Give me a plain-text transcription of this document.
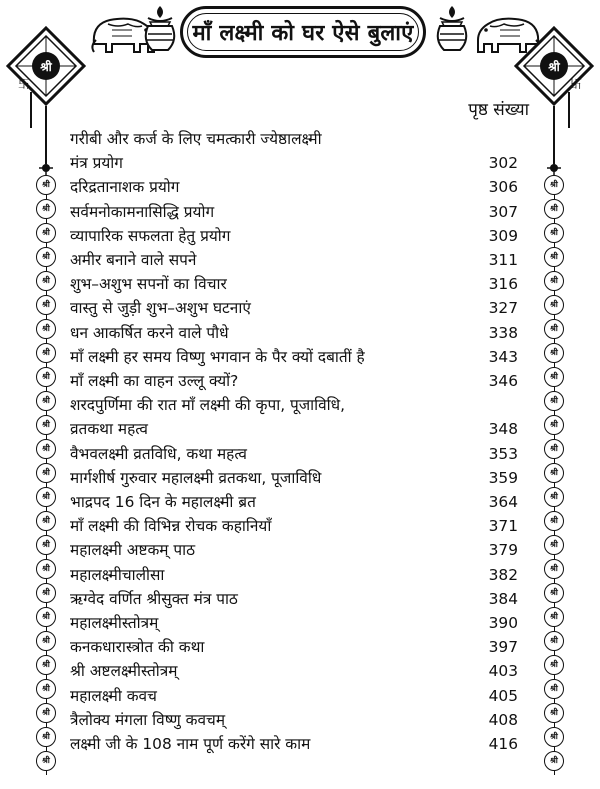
माँ लक्ष्मी को घर ऐसे बुलाएं
श्री
卐
श्री
卐
श्री
श्री
श्री
श्री
श्री
श्री
श्री
श्री
श्री
श्री
श्री
श्री
श्री
श्री
श्री
श्री
श्री
श्री
श्री
श्री
श्री
श्री
श्री
श्री
श्री
श्री
श्री
श्री
श्री
श्री
श्री
श्री
श्री
श्री
श्री
श्री
श्री
श्री
श्री
श्री
श्री
श्री
श्री
श्री
श्री
श्री
श्री
श्री
श्री
श्री
पृष्ठ संख्या
गरीबी और कर्ज के लिए चमत्कारी ज्येष्ठालक्ष्मी
मंत्र प्रयोग	302
दरिद्रतानाशक प्रयोग	306
सर्वमनोकामनासिद्धि प्रयोग	307
व्यापारिक सफलता हेतु प्रयोग	309
अमीर बनाने वाले सपने	311
शुभ–अशुभ सपनों का विचार	316
वास्तु से जुड़ी शुभ–अशुभ घटनाएं	327
धन आकर्षित करने वाले पौधे	338
माँ लक्ष्मी हर समय विष्णु भगवान के पैर क्यों दबातीं है	343
माँ लक्ष्मी का वाहन उल्लू क्यों?	346
शरदपुर्णिमा की रात माँ लक्ष्मी की कृपा, पूजाविधि,
व्रतकथा महत्व	348
वैभवलक्ष्मी व्रतविधि, कथा महत्व	353
मार्गशीर्ष गुरुवार महालक्ष्मी व्रतकथा, पूजाविधि	359
भाद्रपद 16 दिन के महालक्ष्मी ब्रत	364
माँ लक्ष्मी की विभिन्न रोचक कहानियाँ	371
महालक्ष्मी अष्टकम् पाठ	379
महालक्ष्मीचालीसा	382
ऋग्वेद वर्णित श्रीसुक्त मंत्र पाठ	384
महालक्ष्मीस्तोत्रम्	390
कनकधारास्त्रोत की कथा	397
श्री अष्टलक्ष्मीस्तोत्रम्	403
महालक्ष्मी कवच	405
त्रैलोक्य मंगला विष्णु कवचम्	408
लक्ष्मी जी के 108 नाम पूर्ण करेंगे सारे काम	416
